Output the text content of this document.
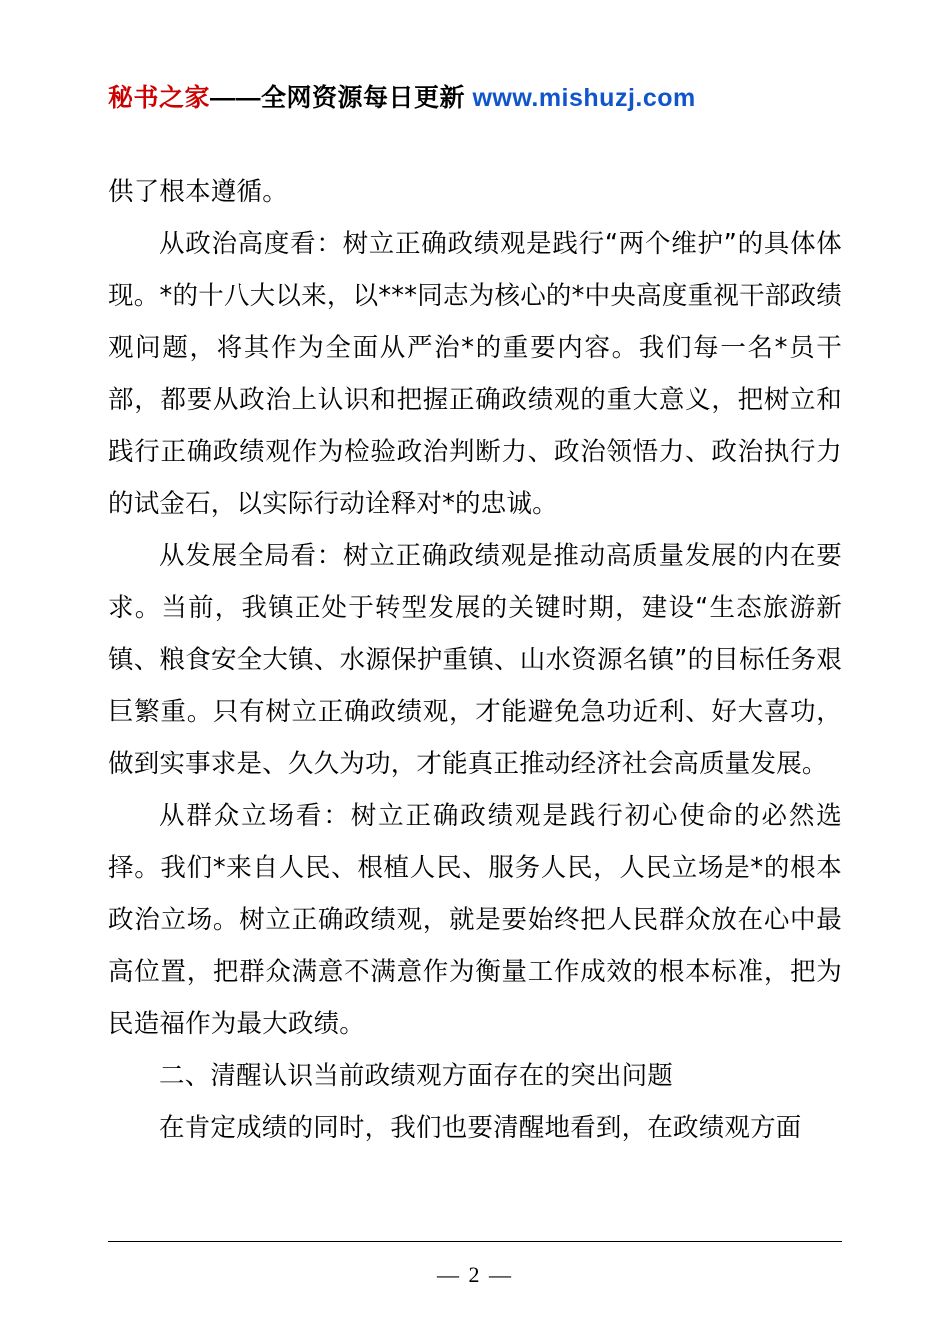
秘书之家——全网资源每日更新 www.mishuzj.com

供了根本遵循。

从政治高度看：树立正确政绩观是践行“两个维护”的具体体现。*的十八大以来，以***同志为核心的*中央高度重视干部政绩观问题，将其作为全面从严治*的重要内容。我们每一名*员干部，都要从政治上认识和把握正确政绩观的重大意义，把树立和践行正确政绩观作为检验政治判断力、政治领悟力、政治执行力的试金石，以实际行动诠释对*的忠诚。

从发展全局看：树立正确政绩观是推动高质量发展的内在要求。当前，我镇正处于转型发展的关键时期，建设“生态旅游新镇、粮食安全大镇、水源保护重镇、山水资源名镇”的目标任务艰巨繁重。只有树立正确政绩观，才能避免急功近利、好大喜功，做到实事求是、久久为功，才能真正推动经济社会高质量发展。

从群众立场看：树立正确政绩观是践行初心使命的必然选择。我们*来自人民、根植人民、服务人民，人民立场是*的根本政治立场。树立正确政绩观，就是要始终把人民群众放在心中最高位置，把群众满意不满意作为衡量工作成效的根本标准，把为民造福作为最大政绩。

二、清醒认识当前政绩观方面存在的突出问题

在肯定成绩的同时，我们也要清醒地看到，在政绩观方面

— 2 —
